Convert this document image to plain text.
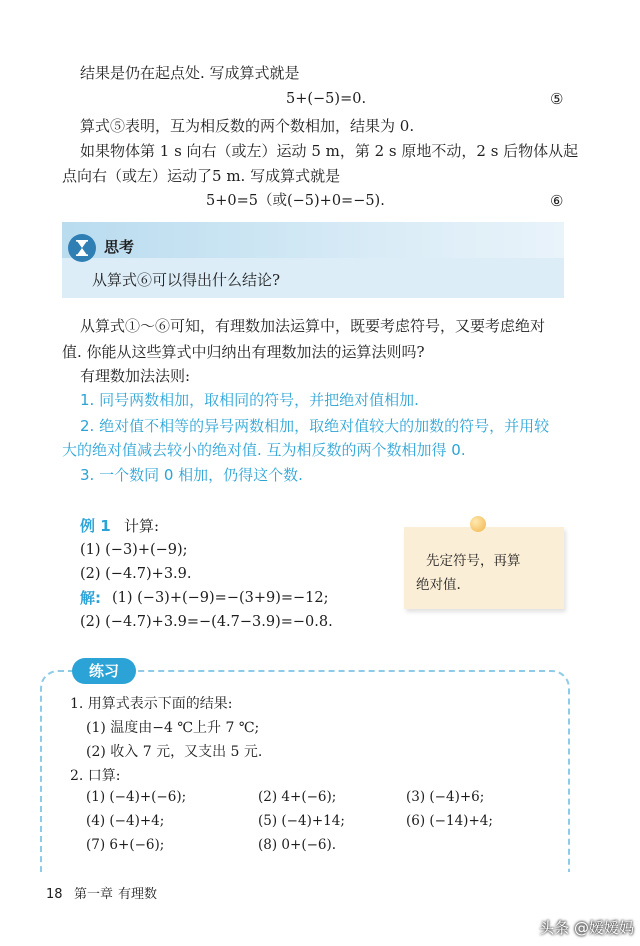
结果是仍在起点处. 写成算式就是
5+(−5)=0.	⑤
算式⑤表明，互为相反数的两个数相加，结果为 0.
如果物体第 1 s 向右（或左）运动 5 m，第 2 s 原地不动，2 s 后物体从起
点向右（或左）运动了5 m. 写成算式就是
5+0=5（或(−5)+0=−5).	⑥
思考
从算式⑥可以得出什么结论?
从算式①～⑥可知，有理数加法运算中，既要考虑符号，又要考虑绝对
值. 你能从这些算式中归纳出有理数加法的运算法则吗?
有理数加法法则:
1. 同号两数相加，取相同的符号，并把绝对值相加.
2. 绝对值不相等的异号两数相加，取绝对值较大的加数的符号，并用较
大的绝对值减去较小的绝对值. 互为相反数的两个数相加得 0.
3. 一个数同 0 相加，仍得这个数.
例 1 计算:
(1) (−3)+(−9);
(2) (−4.7)+3.9.
解: (1) (−3)+(−9)=−(3+9)=−12;
(2) (−4.7)+3.9=−(4.7−3.9)=−0.8.
先定符号，再算
绝对值.
练习
1. 用算式表示下面的结果:
(1) 温度由−4 ℃上升 7 ℃;
(2) 收入 7 元，又支出 5 元.
2. 口算:
(1) (−4)+(−6);	(2) 4+(−6);	(3) (−4)+6;
(4) (−4)+4;	(5) (−4)+14;	(6) (−14)+4;
(7) 6+(−6);	(8) 0+(−6).
18 第一章 有理数
头条 @嫒嫒妈
